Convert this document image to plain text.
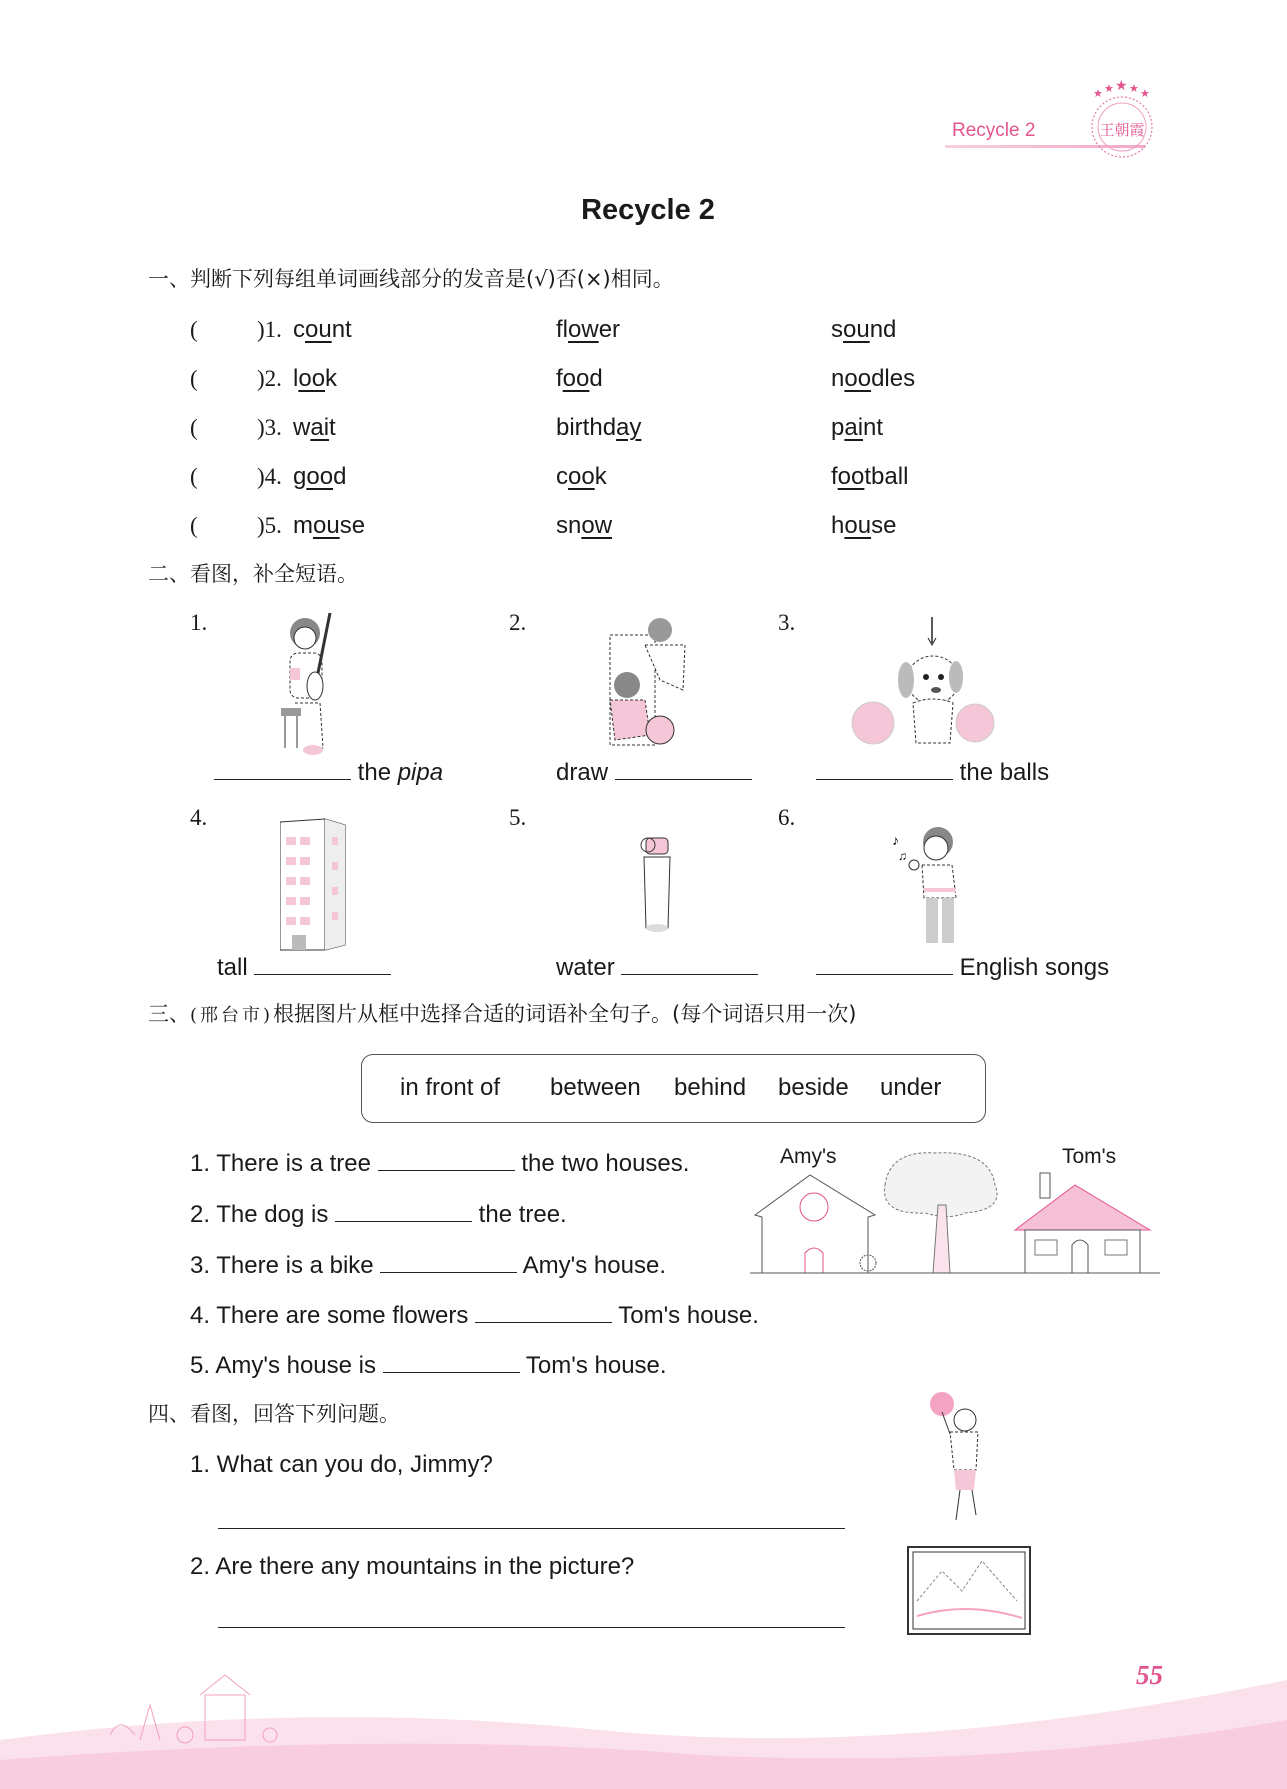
Recycle 2
★ ★ ★ ★ ★
王朝霞
Recycle 2
一、判断下列每组单词画线部分的发音是(√)否(×)相同。
(	)1. count	flower	sound
(	)2. look	food	noodles
(	)3. wait	birthday	paint
(	)4. good	cook	football
(	)5. mouse	snow	house
二、看图，补全短语。
1.	2.	3.
4.	5.	6.
♪
♫
the pipa	draw	the balls
tall	water	English songs
三、(邢台市)根据图片从框中选择合适的词语补全句子。(每个词语只用一次)
in front of between behind beside under
1. There is a tree	the two houses.
2. The dog is	the tree.
3. There is a bike	Amy's house.
4. There are some flowers	Tom's house.
5. Amy's house is	Tom's house.
Amy's	Tom's
四、看图，回答下列问题。
1. What can you do, Jimmy?
2. Are there any mountains in the picture?
55
